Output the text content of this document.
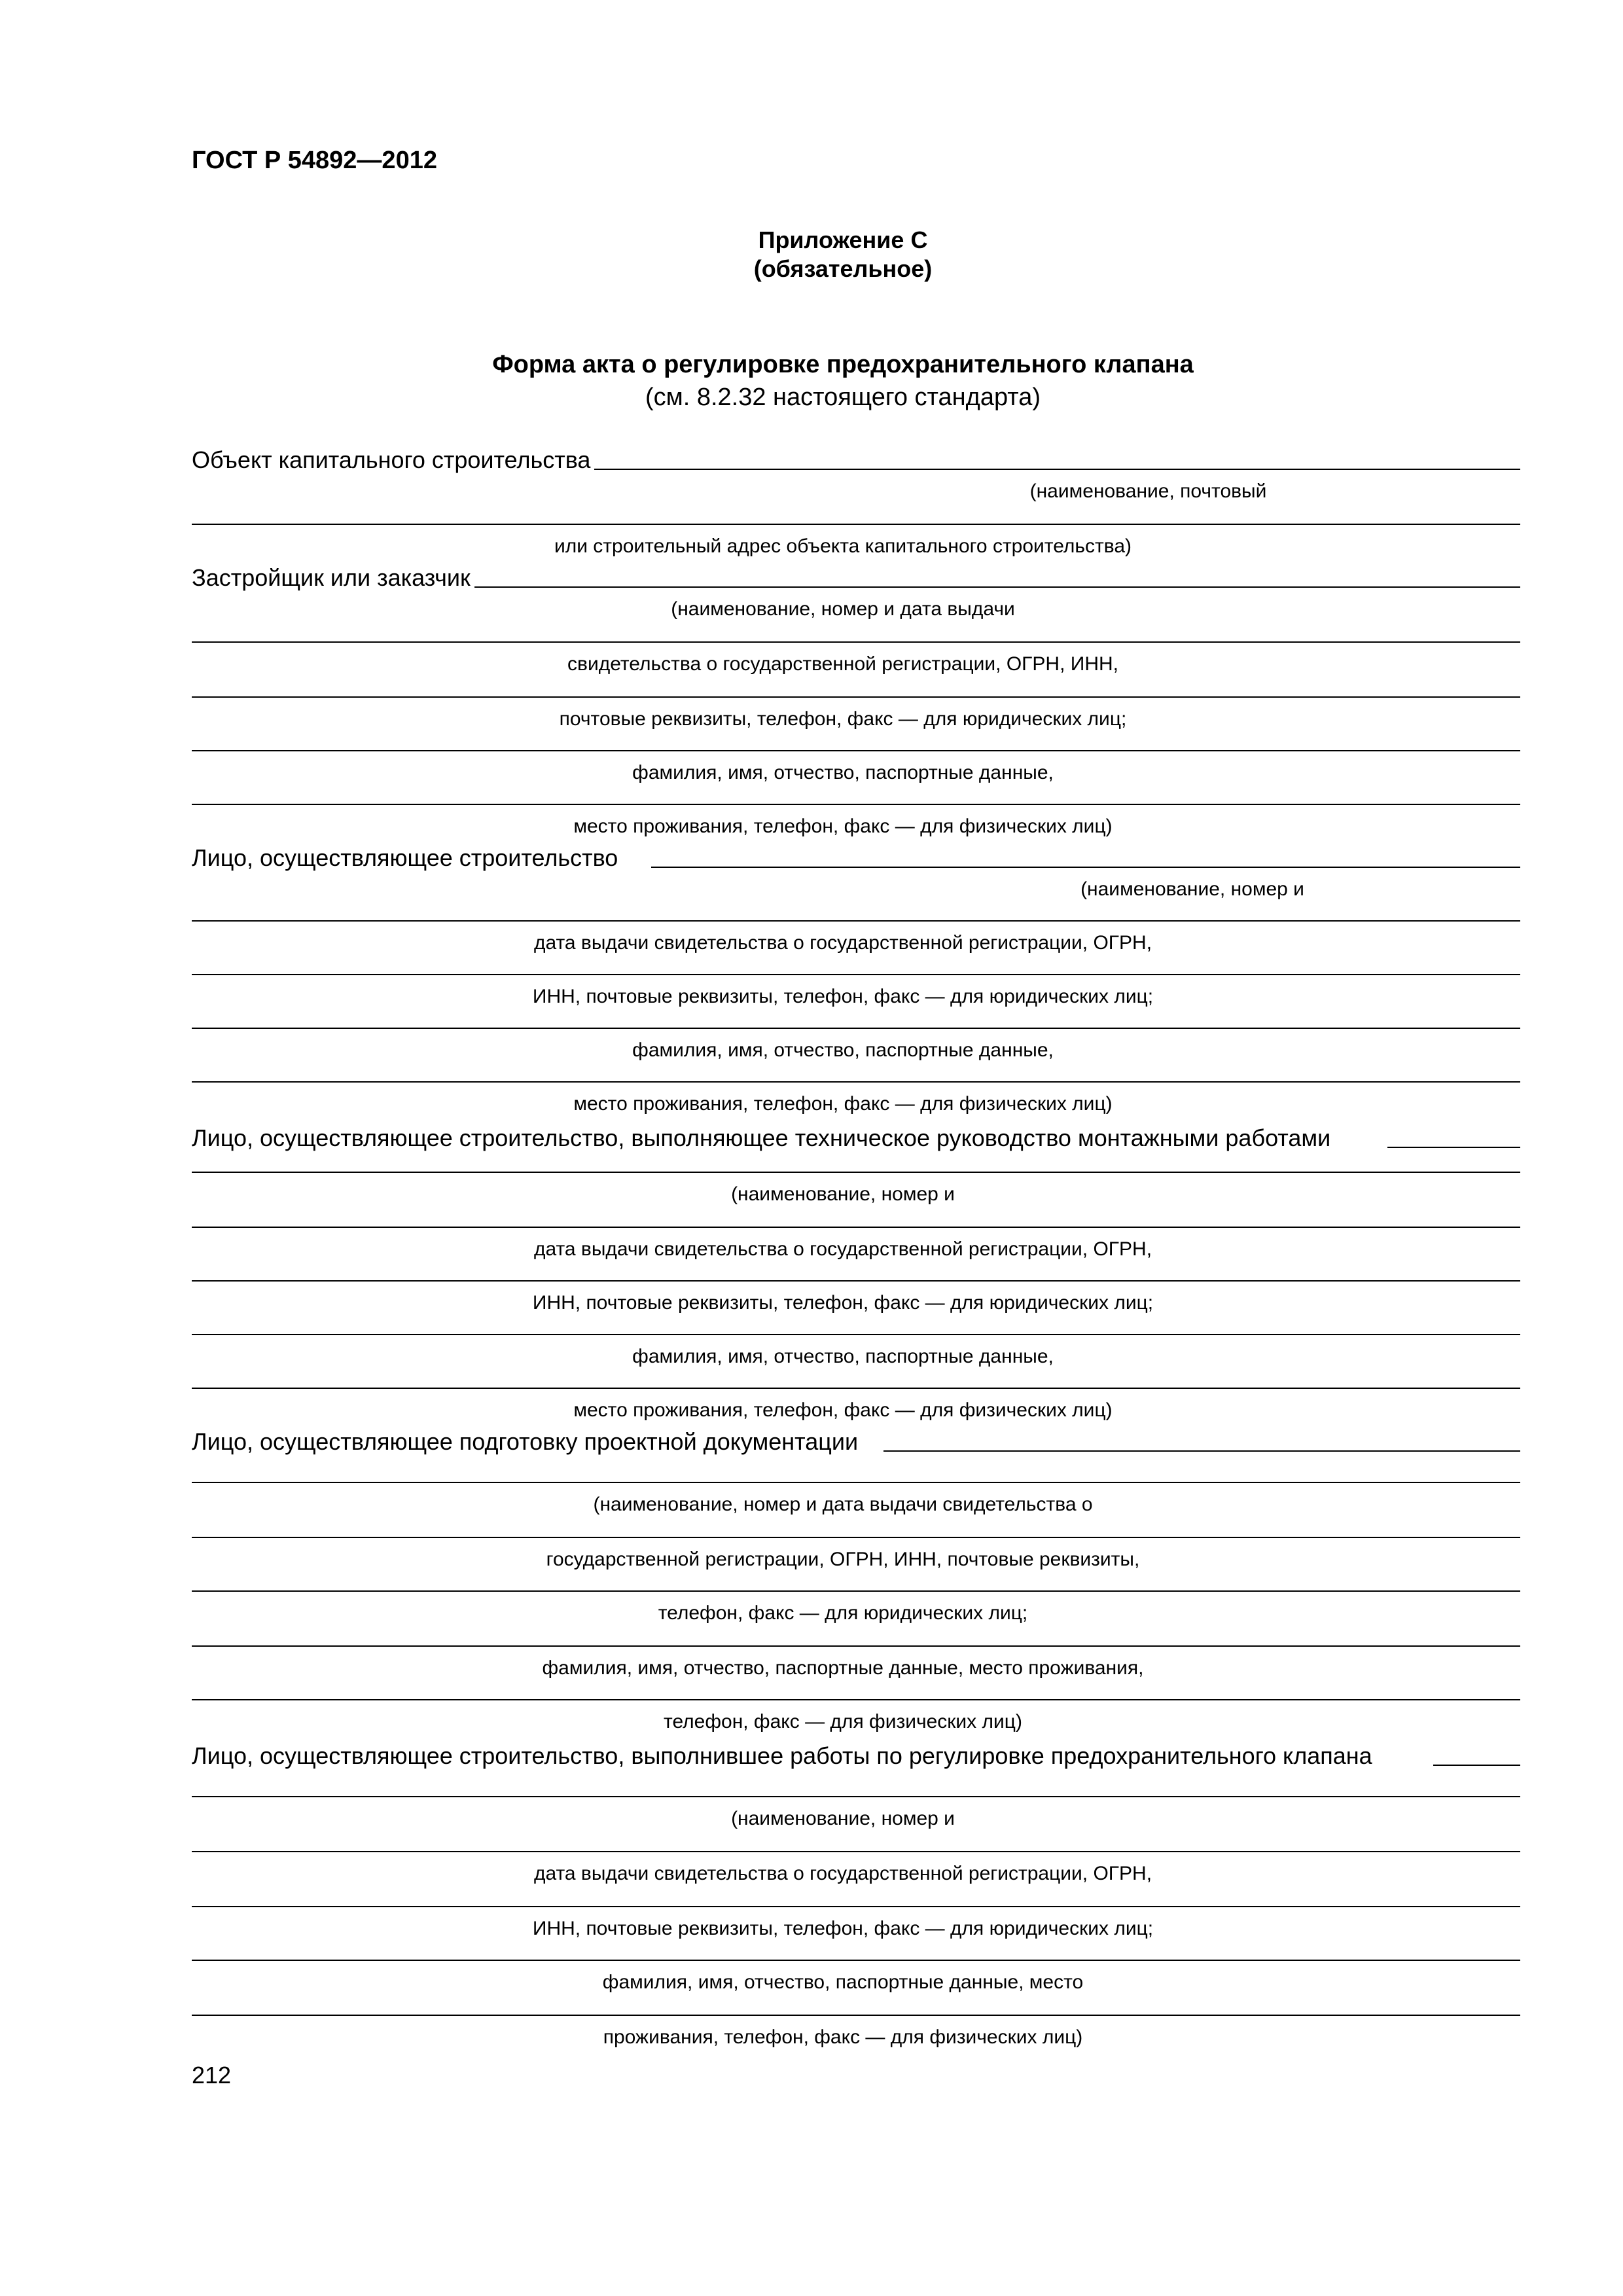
ГОСТ Р 54892—2012
Приложение С
(обязательное)
Форма акта о регулировке предохранительного клапана
(см. 8.2.32 настоящего стандарта)
Объект капитального строительства
(наименование, почтовый
или строительный адрес объекта капитального строительства)
Застройщик или заказчик
(наименование, номер и дата выдачи
свидетельства о государственной регистрации, ОГРН, ИНН,
почтовые реквизиты, телефон, факс — для юридических лиц;
фамилия, имя, отчество, паспортные данные,
место проживания, телефон, факс — для физических лиц)
Лицо, осуществляющее строительство
(наименование, номер и
дата выдачи свидетельства о государственной регистрации, ОГРН,
ИНН, почтовые реквизиты, телефон, факс — для юридических лиц;
фамилия, имя, отчество, паспортные данные,
место проживания, телефон, факс — для физических лиц)
Лицо, осуществляющее строительство, выполняющее техническое руководство монтажными работами
(наименование, номер и
дата выдачи свидетельства о государственной регистрации, ОГРН,
ИНН, почтовые реквизиты, телефон, факс — для юридических лиц;
фамилия, имя, отчество, паспортные данные,
место проживания, телефон, факс — для физических лиц)
Лицо, осуществляющее подготовку проектной документации
(наименование, номер и дата выдачи свидетельства о
государственной регистрации, ОГРН, ИНН, почтовые реквизиты,
телефон, факс — для юридических лиц;
фамилия, имя, отчество, паспортные данные, место проживания,
телефон, факс — для физических лиц)
Лицо, осуществляющее строительство, выполнившее работы по регулировке предохранительного клапана
(наименование, номер и
дата выдачи свидетельства о государственной регистрации, ОГРН,
ИНН, почтовые реквизиты, телефон, факс — для юридических лиц;
фамилия, имя, отчество, паспортные данные, место
проживания, телефон, факс — для физических лиц)
212
